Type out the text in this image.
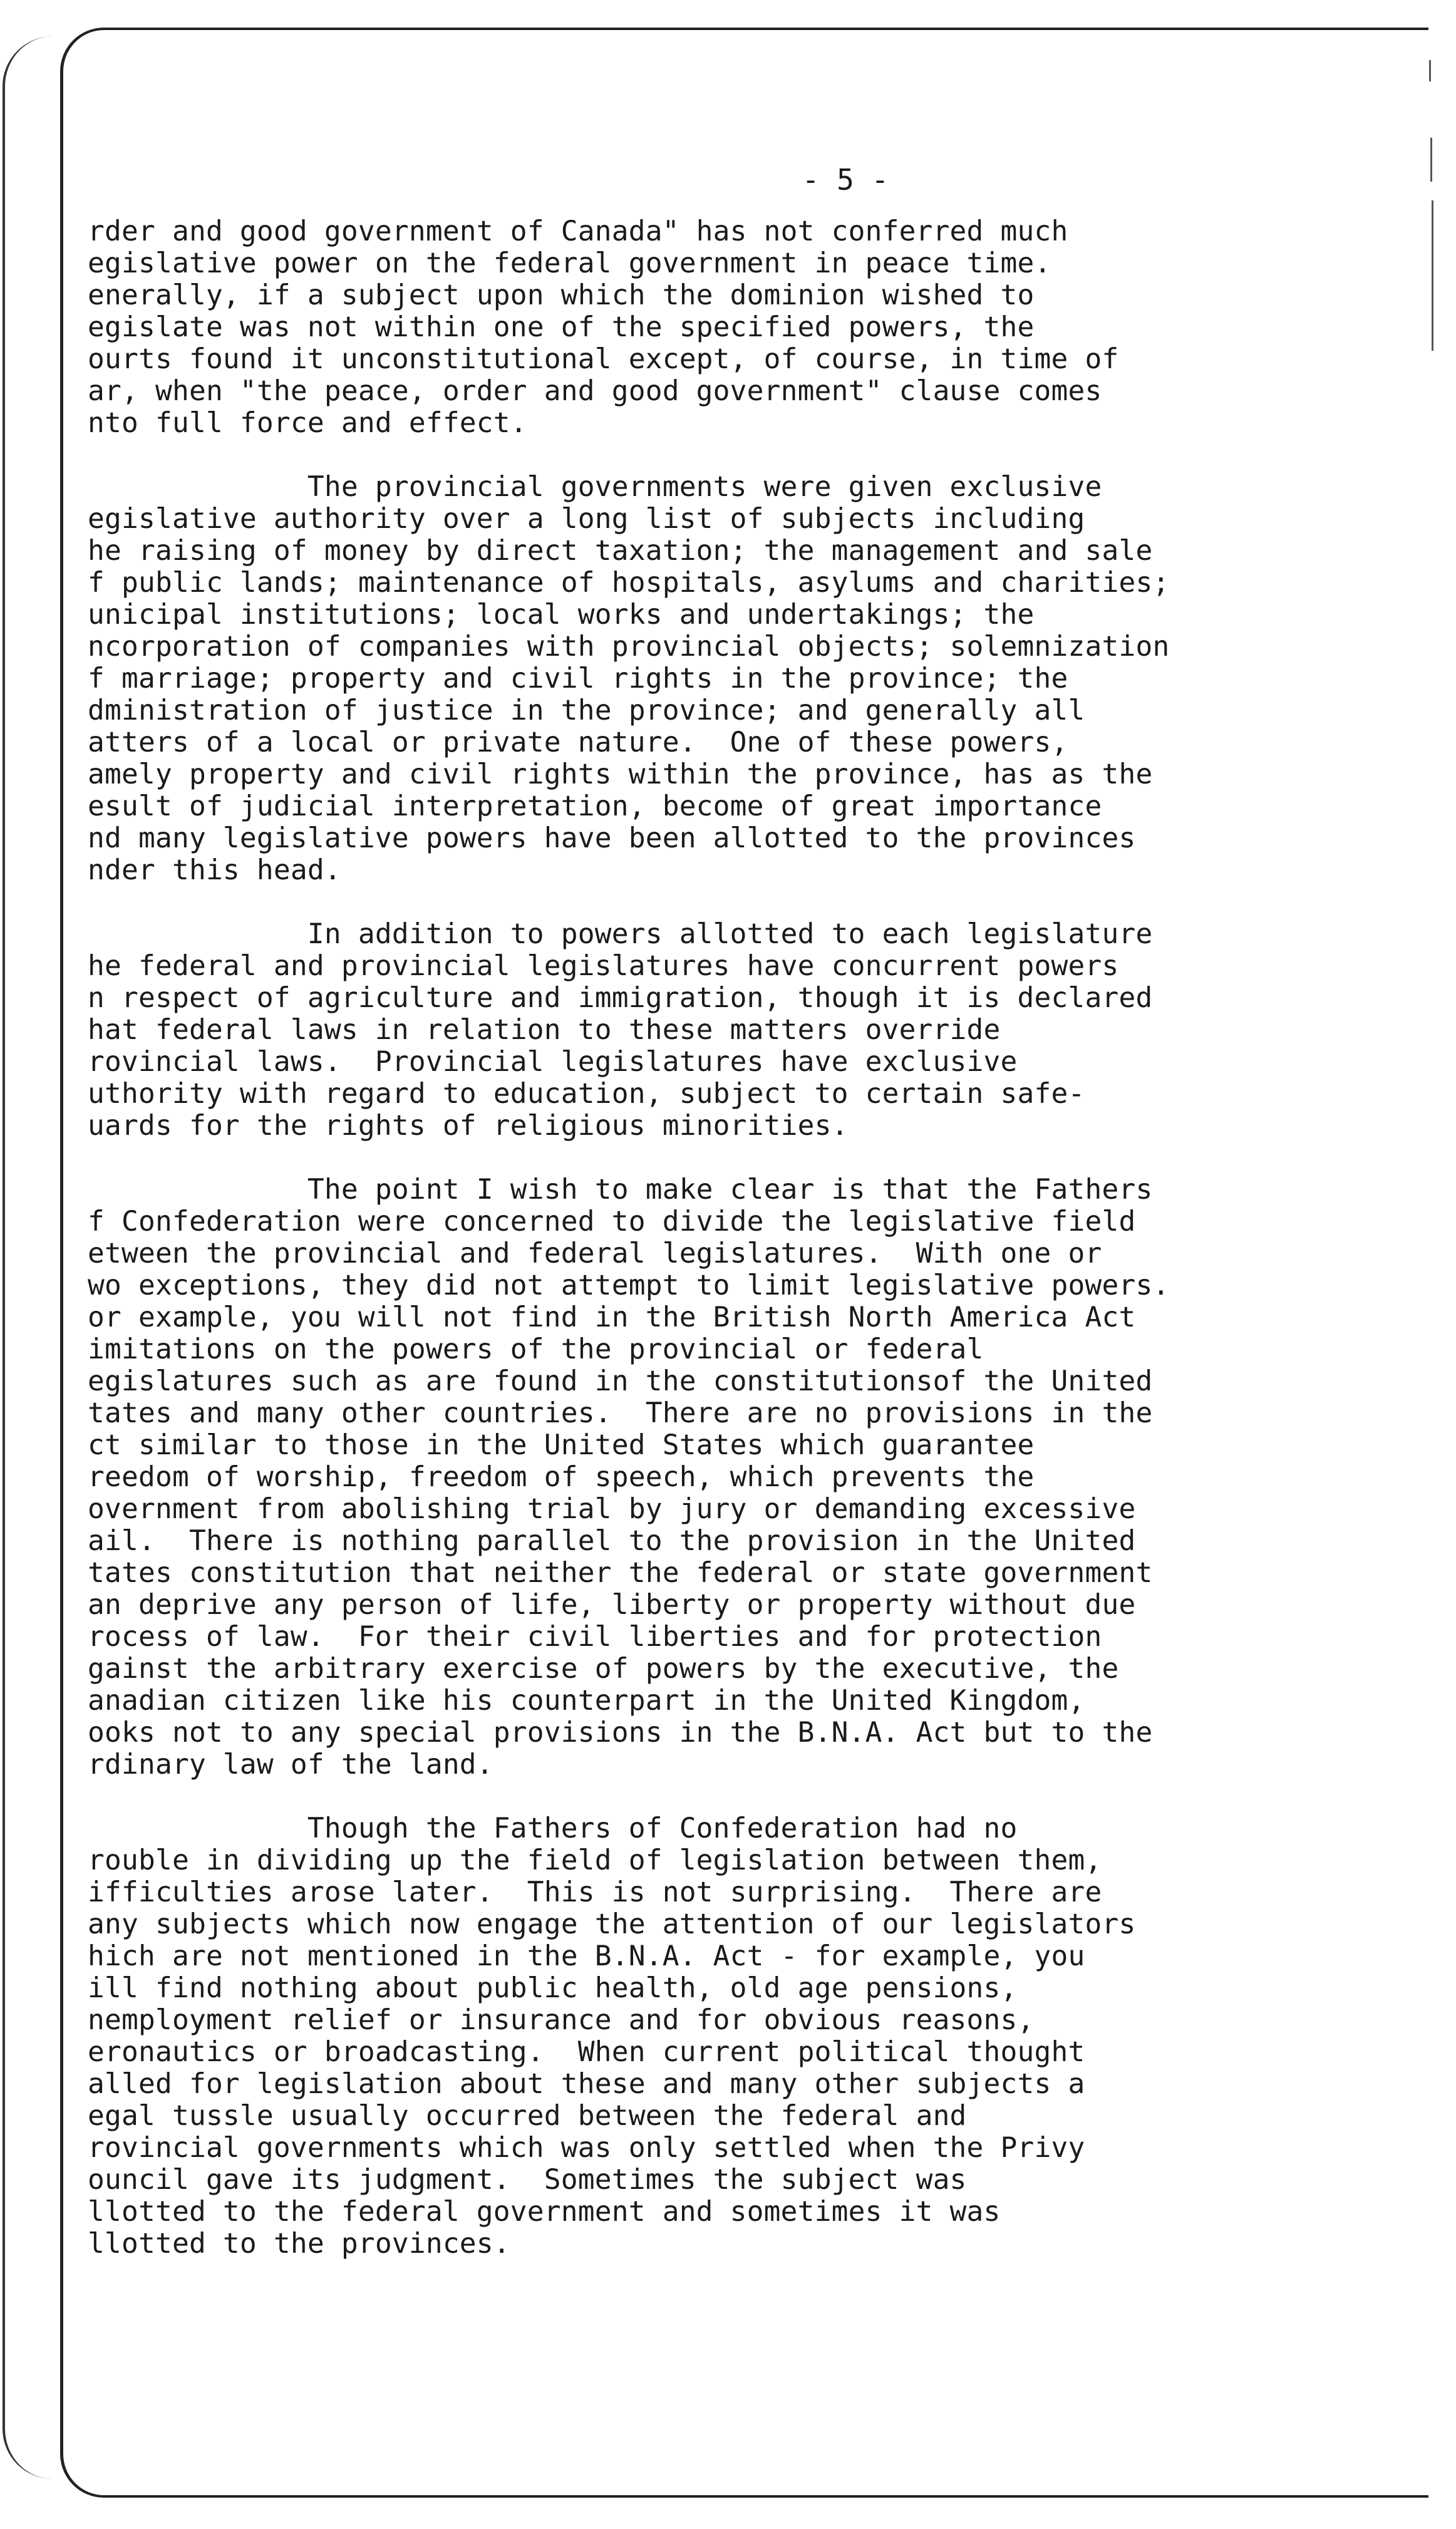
- 5 -

rder and good government of Canada" has not conferred much

egislative power on the federal government in peace time.

enerally, if a subject upon which the dominion wished to

egislate was not within one of the specified powers, the

ourts found it unconstitutional except, of course, in time of

ar, when "the peace, order and good government" clause comes

nto full force and effect.

The provincial governments were given exclusive

egislative authority over a long list of subjects including

he raising of money by direct taxation; the management and sale

f public lands; maintenance of hospitals, asylums and charities;

unicipal institutions; local works and undertakings; the

ncorporation of companies with provincial objects; solemnization

f marriage; property and civil rights in the province; the

dministration of justice in the province; and generally all

atters of a local or private nature.  One of these powers,

amely property and civil rights within the province, has as the

esult of judicial interpretation, become of great importance

nd many legislative powers have been allotted to the provinces

nder this head.

In addition to powers allotted to each legislature

he federal and provincial legislatures have concurrent powers

n respect of agriculture and immigration, though it is declared

hat federal laws in relation to these matters override

rovincial laws.  Provincial legislatures have exclusive

uthority with regard to education, subject to certain safe-

uards for the rights of religious minorities.

The point I wish to make clear is that the Fathers

f Confederation were concerned to divide the legislative field

etween the provincial and federal legislatures.  With one or

wo exceptions, they did not attempt to limit legislative powers.

or example, you will not find in the British North America Act

imitations on the powers of the provincial or federal

egislatures such as are found in the constitutionsof the United

tates and many other countries.  There are no provisions in the

ct similar to those in the United States which guarantee

reedom of worship, freedom of speech, which prevents the

overnment from abolishing trial by jury or demanding excessive

ail.  There is nothing parallel to the provision in the United

tates constitution that neither the federal or state government

an deprive any person of life, liberty or property without due

rocess of law.  For their civil liberties and for protection

gainst the arbitrary exercise of powers by the executive, the

anadian citizen like his counterpart in the United Kingdom,

ooks not to any special provisions in the B.N.A. Act but to the

rdinary law of the land.

Though the Fathers of Confederation had no

rouble in dividing up the field of legislation between them,

ifficulties arose later.  This is not surprising.  There are

any subjects which now engage the attention of our legislators

hich are not mentioned in the B.N.A. Act - for example, you

ill find nothing about public health, old age pensions,

nemployment relief or insurance and for obvious reasons,

eronautics or broadcasting.  When current political thought

alled for legislation about these and many other subjects a

egal tussle usually occurred between the federal and

rovincial governments which was only settled when the Privy

ouncil gave its judgment.  Sometimes the subject was

llotted to the federal government and sometimes it was

llotted to the provinces.
